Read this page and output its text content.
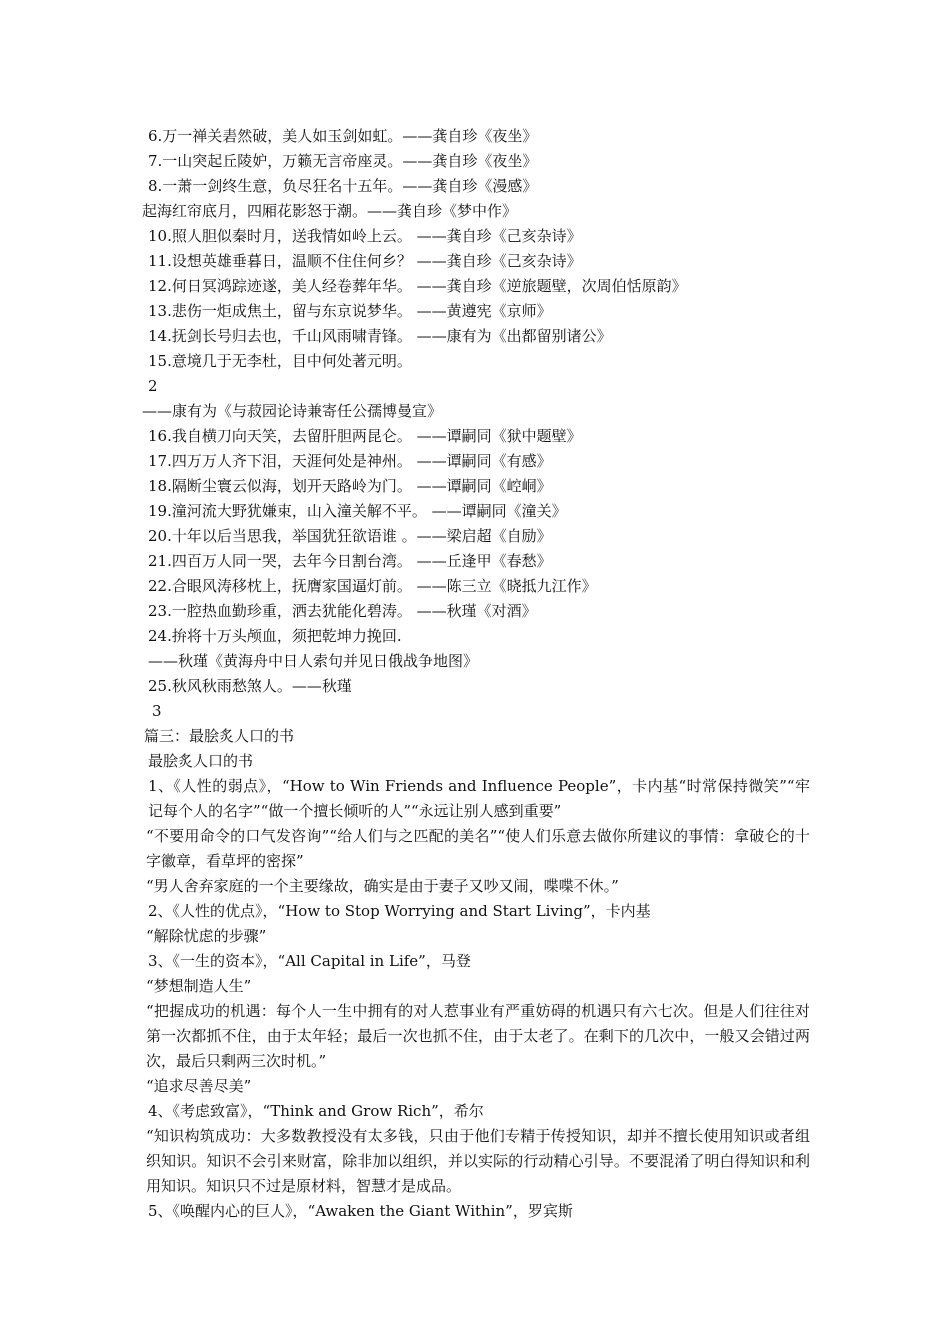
6.万一禅关砉然破，美人如玉剑如虹。——龚自珍《夜坐》
7.一山突起丘陵妒，万籁无言帝座灵。——龚自珍《夜坐》
8.一萧一剑终生意，负尽狂名十五年。——龚自珍《漫感》
起海红帘底月，四厢花影怒于潮。——龚自珍《梦中作》
10.照人胆似秦时月，送我情如岭上云。 ——龚自珍《己亥杂诗》
11.设想英雄垂暮日，温顺不住住何乡？ ——龚自珍《己亥杂诗》
12.何日冥鸿踪迹遂，美人经卷葬年华。 ——龚自珍《逆旅题壁，次周伯恬原韵》
13.悲伤一炬成焦土，留与东京说梦华。 ——黄遵宪《京师》
14.抚剑长号归去也，千山风雨啸青锋。 ——康有为《出都留别诸公》
15.意境几于无李杜，目中何处著元明。
2
——康有为《与菽园论诗兼寄任公孺博曼宣》
16.我自横刀向天笑，去留肝胆两昆仑。 ——谭嗣同《狱中题壁》
17.四万万人齐下泪，天涯何处是神州。 ——谭嗣同《有感》
18.隔断尘寰云似海，划开天路岭为门。 ——谭嗣同《崆峒》
19.潼河流大野犹嫌束，山入潼关解不平。 ——谭嗣同《潼关》
20.十年以后当思我，举国犹狂欲语谁 。——梁启超《自励》
21.四百万人同一哭，去年今日割台湾。 ——丘逢甲《春愁》
22.合眼风涛移枕上，抚膺家国逼灯前。 ——陈三立《晓抵九江作》
23.一腔热血勤珍重，洒去犹能化碧涛。 ——秋瑾《对酒》
24.拚将十万头颅血，须把乾坤力挽回.
——秋瑾《黄海舟中日人索句并见日俄战争地图》
25.秋风秋雨愁煞人。——秋瑾
3
篇三：最脍炙人口的书
最脍炙人口的书
1、《人性的弱点》，“How to Win Friends and Influence People”，卡内基“时常保持微笑”“牢记每个人的名字”“做一个擅长倾听的人”“永远让别人感到重要”
“不要用命令的口气发咨询”“给人们与之匹配的美名”“使人们乐意去做你所建议的事情：拿破仑的十字徽章，看草坪的密探”
“男人舍弃家庭的一个主要缘故，确实是由于妻子又吵又闹，喋喋不休。”
2、《人性的优点》，“How to Stop Worrying and Start Living”，卡内基
“解除忧虑的步骤”
3、《一生的资本》，“All Capital in Life”，马登
“梦想制造人生”
“把握成功的机遇：每个人一生中拥有的对人惹事业有严重妨碍的机遇只有六七次。但是人们往往对第一次都抓不住，由于太年轻；最后一次也抓不住，由于太老了。在剩下的几次中，一般又会错过两次，最后只剩两三次时机。”
“追求尽善尽美”
4、《考虑致富》，“Think and Grow Rich”，希尔
“知识构筑成功：大多数教授没有太多钱，只由于他们专精于传授知识，却并不擅长使用知识或者组织知识。知识不会引来财富，除非加以组织，并以实际的行动精心引导。不要混淆了明白得知识和利用知识。知识只不过是原材料，智慧才是成品。
5、《唤醒内心的巨人》，“Awaken the Giant Within”，罗宾斯
